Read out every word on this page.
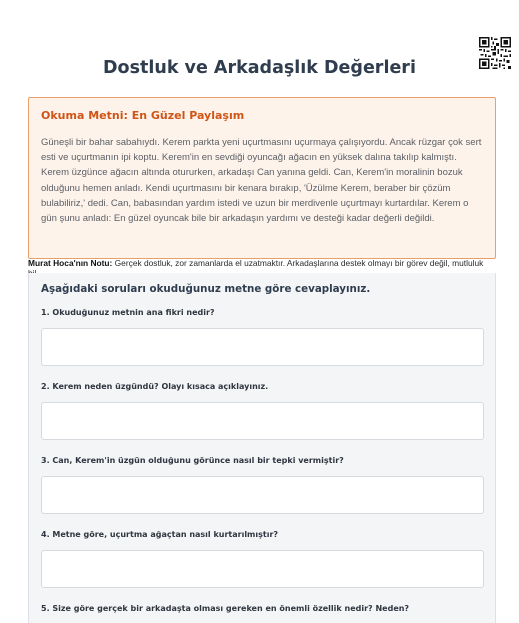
Dostluk ve Arkadaşlık Değerleri
Okuma Metni: En Güzel Paylaşım
Güneşli bir bahar sabahıydı. Kerem parkta yeni uçurtmasını uçurmaya çalışıyordu. Ancak rüzgar çok sert esti ve uçurtmanın ipi koptu. Kerem'in en sevdiği oyuncağı ağacın en yüksek dalına takılıp kalmıştı. Kerem üzgünce ağacın altında otururken, arkadaşı Can yanına geldi. Can, Kerem'in moralinin bozuk olduğunu hemen anladı. Kendi uçurtmasını bir kenara bırakıp, 'Üzülme Kerem, beraber bir çözüm bulabiliriz,' dedi. Can, babasından yardım istedi ve uzun bir merdivenle uçurtmayı kurtardılar. Kerem o gün şunu anladı: En güzel oyuncak bile bir arkadaşın yardımı ve desteği kadar değerli değildi.
Murat Hoca'nın Notu: Gerçek dostluk, zor zamanlarda el uzatmaktır. Arkadaşlarına destek olmayı bir görev değil, mutluluk
Aşağıdaki soruları okuduğunuz metne göre cevaplayınız.
1. Okuduğunuz metnin ana fikri nedir?
2. Kerem neden üzgündü? Olayı kısaca açıklayınız.
3. Can, Kerem'in üzgün olduğunu görünce nasıl bir tepki vermiştir?
4. Metne göre, uçurtma ağaçtan nasıl kurtarılmıştır?
5. Size göre gerçek bir arkadaşta olması gereken en önemli özellik nedir? Neden?
